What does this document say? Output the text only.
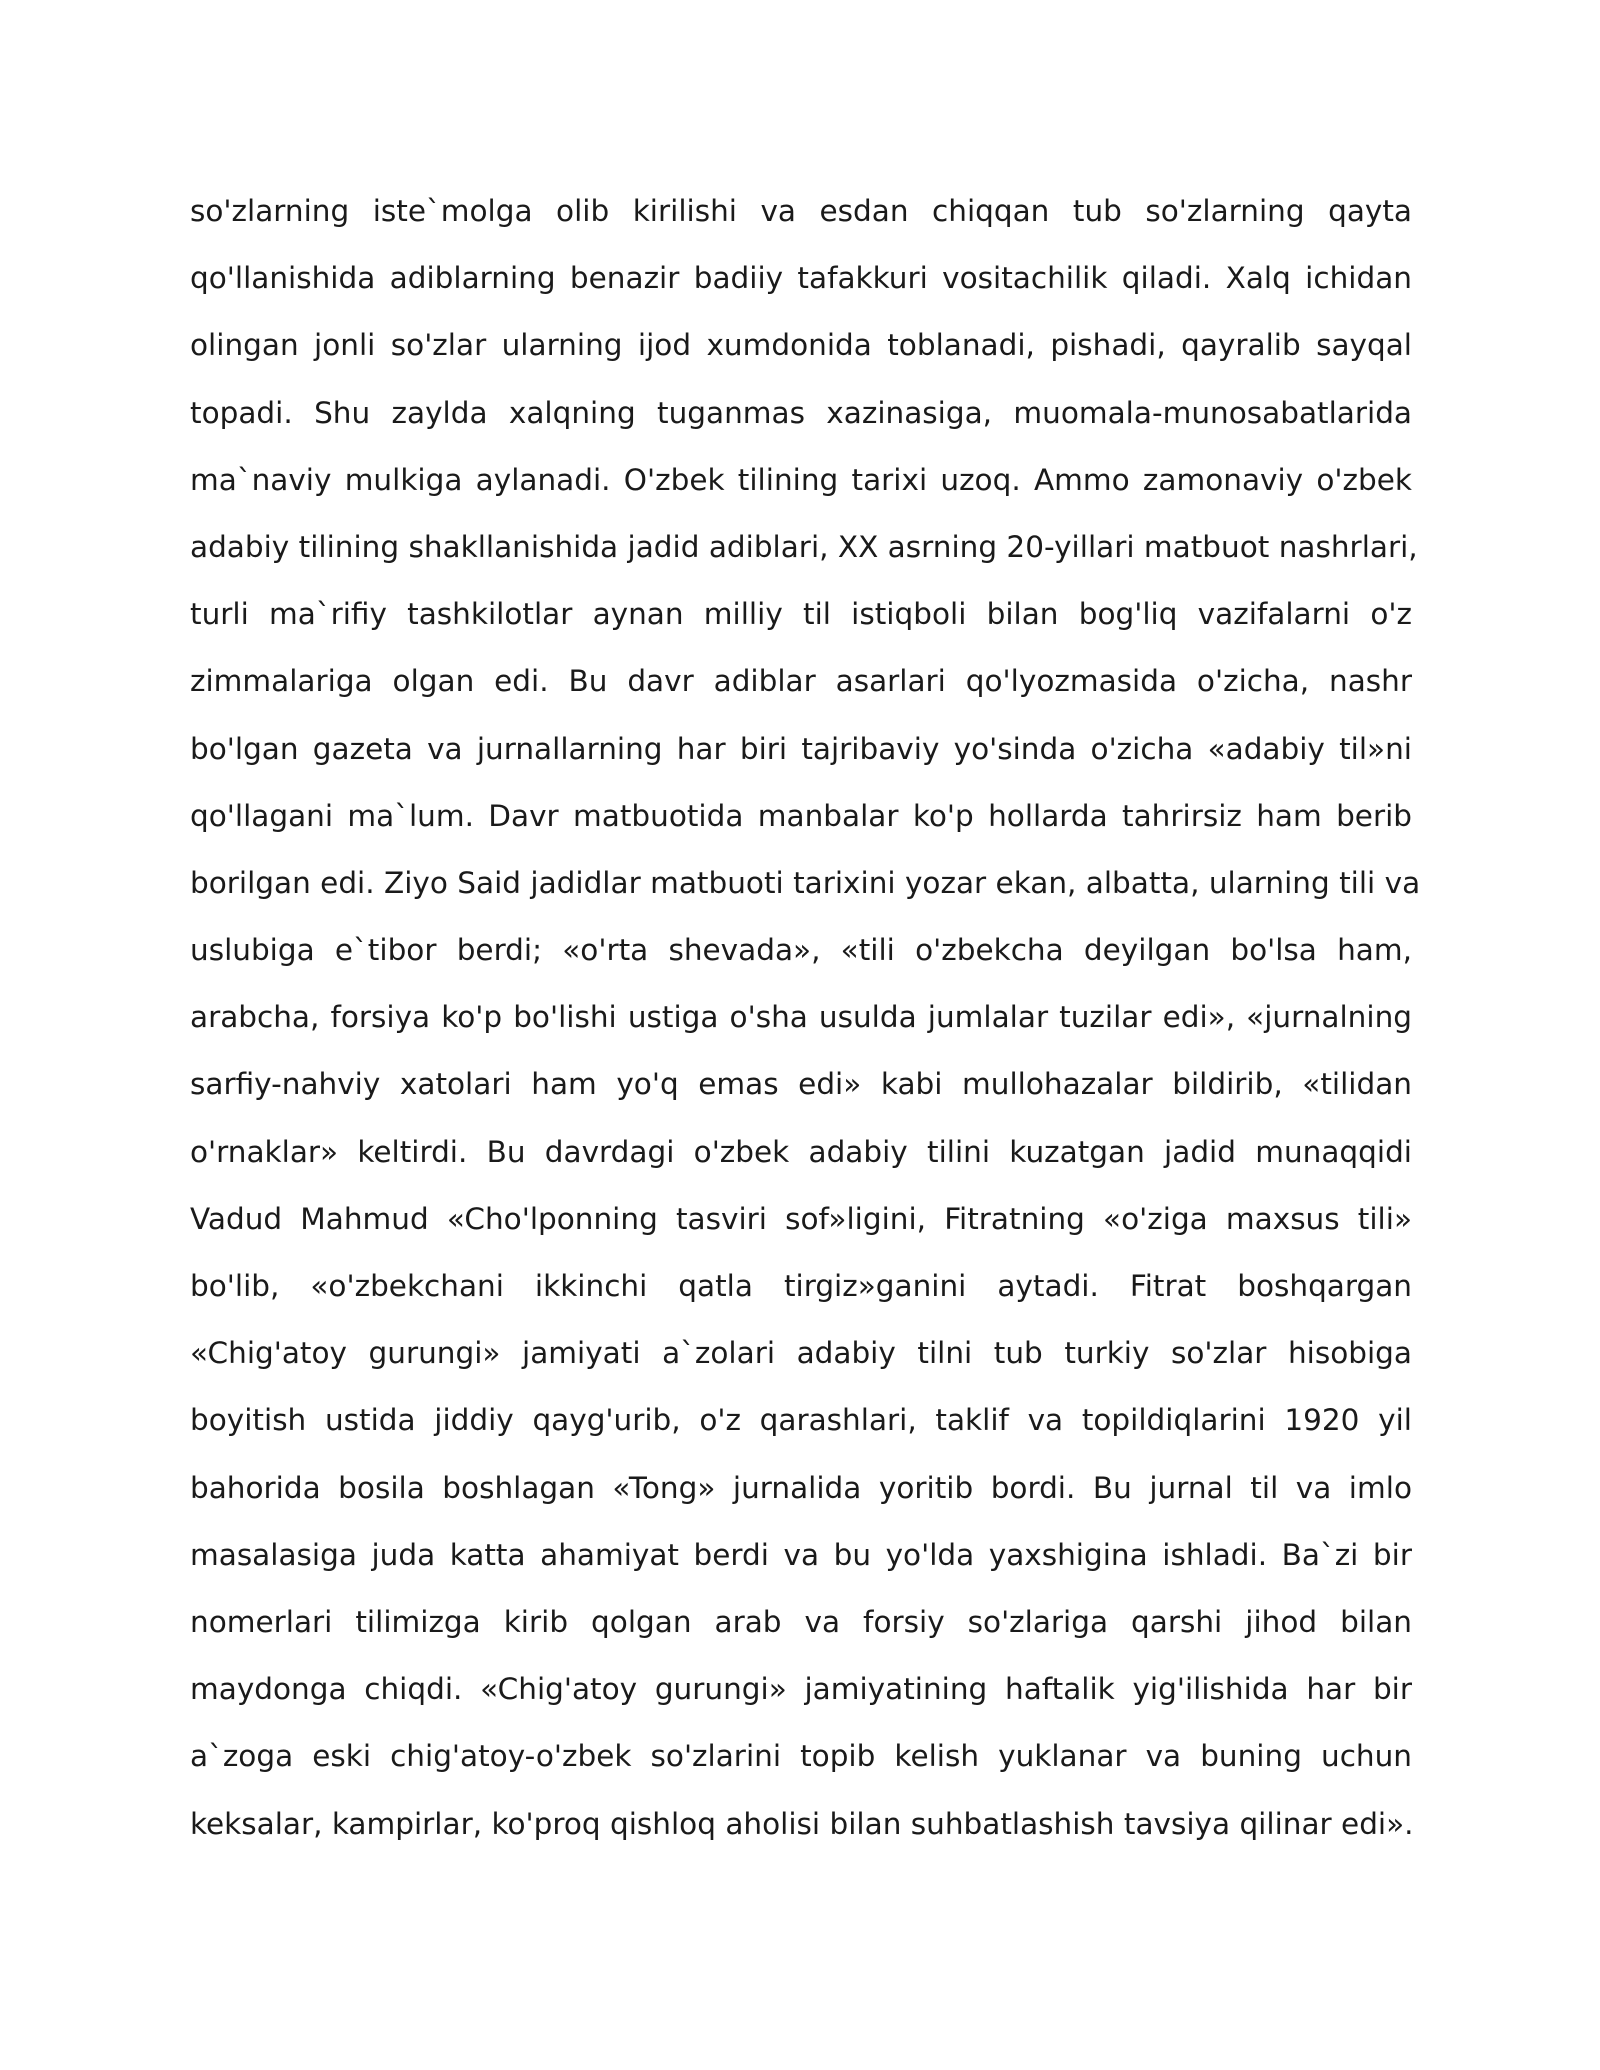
so'zlarning iste`molga olib kirilishi va esdan chiqqan tub so'zlarning qayta
qo'llanishida adiblarning benazir badiiy tafakkuri vositachilik qiladi. Xalq ichidan
olingan jonli so'zlar ularning ijod xumdonida toblanadi, pishadi, qayralib sayqal
topadi. Shu zaylda xalqning tuganmas xazinasiga, muomala-munosabatlarida
ma`naviy mulkiga aylanadi. O'zbek tilining tarixi uzoq. Ammo zamonaviy o'zbek
adabiy tilining shakllanishida jadid adiblari, XX asrning 20-yillari matbuot nashrlari,
turli ma`rifiy tashkilotlar aynan milliy til istiqboli bilan bog'liq vazifalarni o'z
zimmalariga olgan edi. Bu davr adiblar asarlari qo'lyozmasida o'zicha, nashr
bo'lgan gazeta va jurnallarning har biri tajribaviy yo'sinda o'zicha «adabiy til»ni
qo'llagani ma`lum. Davr matbuotida manbalar ko'p hollarda tahrirsiz ham berib
borilgan edi. Ziyo Said jadidlar matbuoti tarixini yozar ekan, albatta, ularning tili va
uslubiga e`tibor berdi; «o'rta shevada», «tili o'zbekcha deyilgan bo'lsa ham,
arabcha, forsiya ko'p bo'lishi ustiga o'sha usulda jumlalar tuzilar edi», «jurnalning
sarfiy-nahviy xatolari ham yo'q emas edi» kabi mullohazalar bildirib, «tilidan
o'rnaklar» keltirdi. Bu davrdagi o'zbek adabiy tilini kuzatgan jadid munaqqidi
Vadud Mahmud «Cho'lponning tasviri sof»ligini, Fitratning «o'ziga maxsus tili»
bo'lib, «o'zbekchani ikkinchi qatla tirgiz»ganini aytadi. Fitrat boshqargan
«Chig'atoy gurungi» jamiyati a`zolari adabiy tilni tub turkiy so'zlar hisobiga
boyitish ustida jiddiy qayg'urib, o'z qarashlari, taklif va topildiqlarini 1920 yil
bahorida bosila boshlagan «Tong» jurnalida yoritib bordi. Bu jurnal til va imlo
masalasiga juda katta ahamiyat berdi va bu yo'lda yaxshigina ishladi. Ba`zi bir
nomerlari tilimizga kirib qolgan arab va forsiy so'zlariga qarshi jihod bilan
maydonga chiqdi. «Chig'atoy gurungi» jamiyatining haftalik yig'ilishida har bir
a`zoga eski chig'atoy-o'zbek so'zlarini topib kelish yuklanar va buning uchun
keksalar, kampirlar, ko'proq qishloq aholisi bilan suhbatlashish tavsiya qilinar edi».
